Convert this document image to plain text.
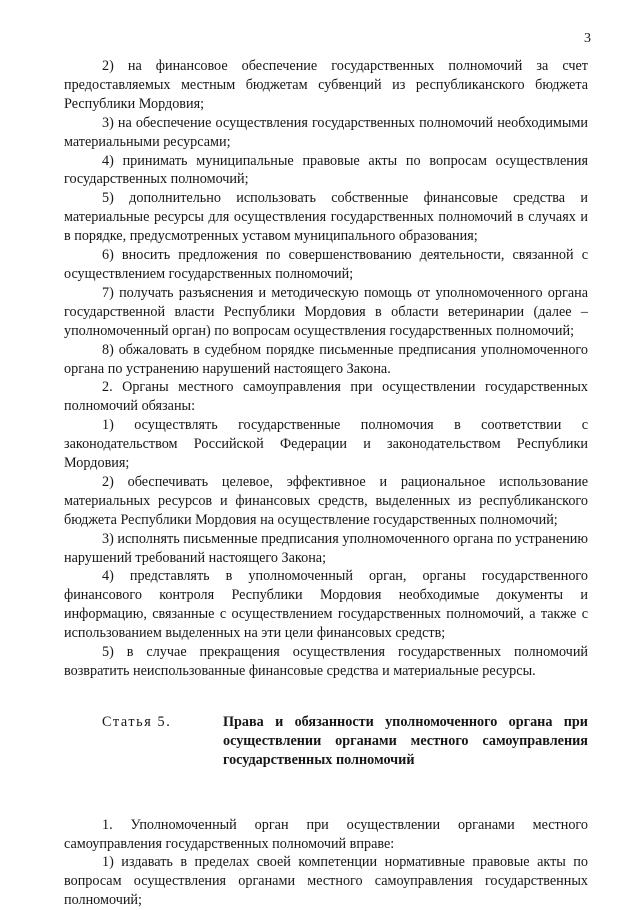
3

2) на финансовое обеспечение государственных полномочий за счет предоставляемых местным бюджетам субвенций из республиканского бюджета Республики Мордовия;

3) на обеспечение осуществления государственных полномочий необходимыми материальными ресурсами;

4) принимать муниципальные правовые акты по вопросам осуществления государственных полномочий;

5) дополнительно использовать собственные финансовые средства и материальные ресурсы для осуществления государственных полномочий в случаях и в порядке, предусмотренных уставом муниципального образования;

6) вносить предложения по совершенствованию деятельности, связанной с осуществлением государственных полномочий;

7) получать разъяснения и методическую помощь от уполномоченного органа государственной власти Республики Мордовия в области ветеринарии (далее – уполномоченный орган) по вопросам осуществления государственных полномочий;

8) обжаловать в судебном порядке письменные предписания уполномоченного органа по устранению нарушений настоящего Закона.

2. Органы местного самоуправления при осуществлении государственных полномочий обязаны:

1) осуществлять государственные полномочия в соответствии с законодательством Российской Федерации и законодательством Республики Мордовия;

2) обеспечивать целевое, эффективное и рациональное использование материальных ресурсов и финансовых средств, выделенных из республиканского бюджета Республики Мордовия на осуществление государственных полномочий;

3) исполнять письменные предписания уполномоченного органа по устранению нарушений требований настоящего Закона;

4) представлять в уполномоченный орган, органы государственного финансового контроля Республики Мордовия необходимые документы и информацию, связанные с осуществлением государственных полномочий, а также с использованием выделенных на эти цели финансовых средств;

5) в случае прекращения осуществления государственных полномочий возвратить неиспользованные финансовые средства и материальные ресурсы.

Статья 5.	Права и обязанности уполномоченного органа при осуществлении органами местного самоуправления государственных полномочий

1. Уполномоченный орган при осуществлении органами местного самоуправления государственных полномочий вправе:

1) издавать в пределах своей компетенции нормативные правовые акты по вопросам осуществления органами местного самоуправления государственных полномочий;
